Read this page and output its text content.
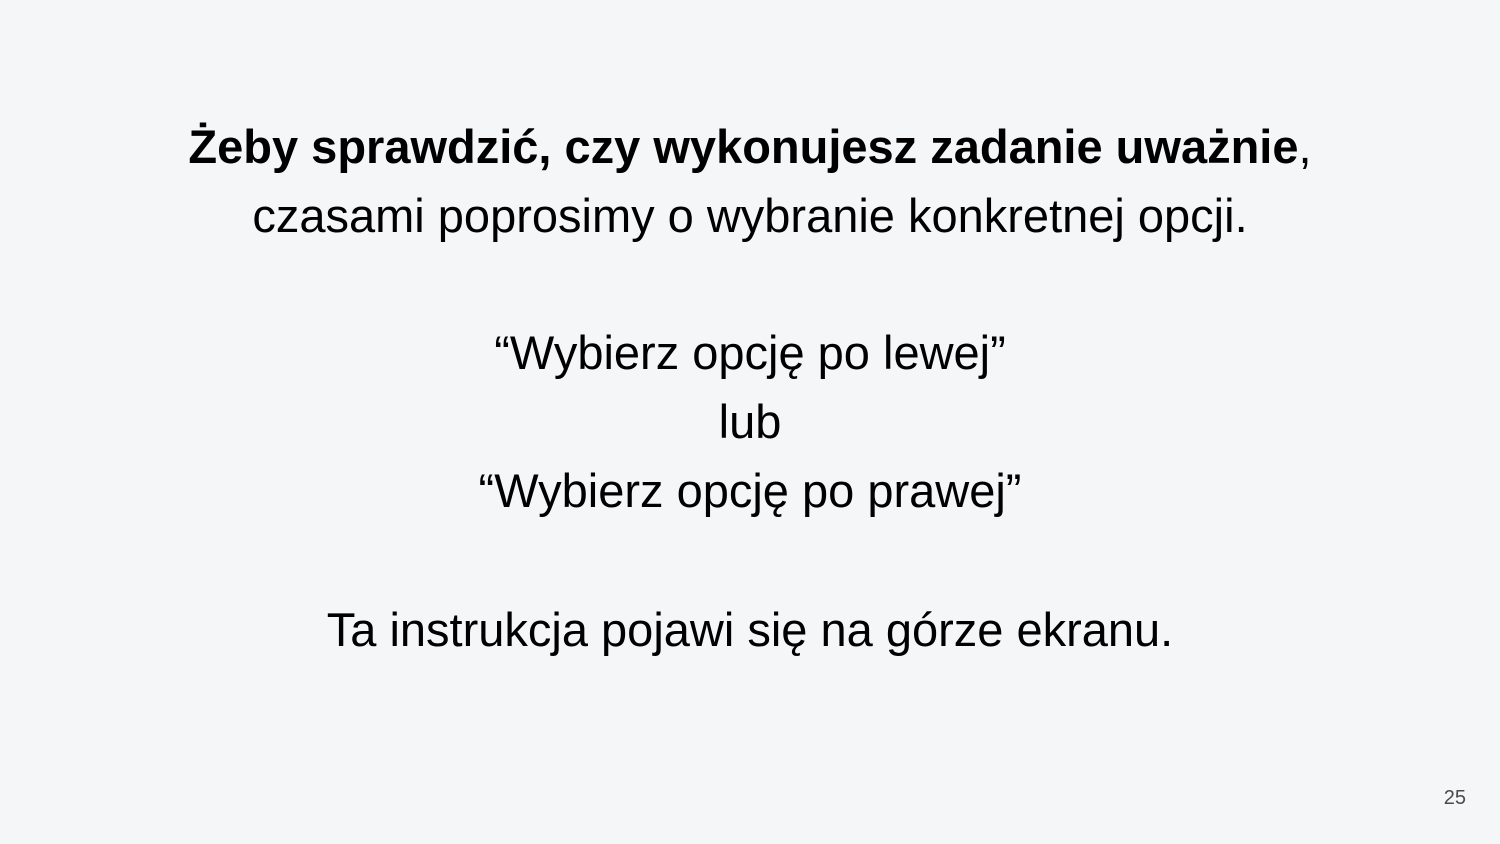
Żeby sprawdzić, czy wykonujesz zadanie uważnie,
czasami poprosimy o wybranie konkretnej opcji.
“Wybierz opcję po lewej”
lub
“Wybierz opcję po prawej”
Ta instrukcja pojawi się na górze ekranu.
25
